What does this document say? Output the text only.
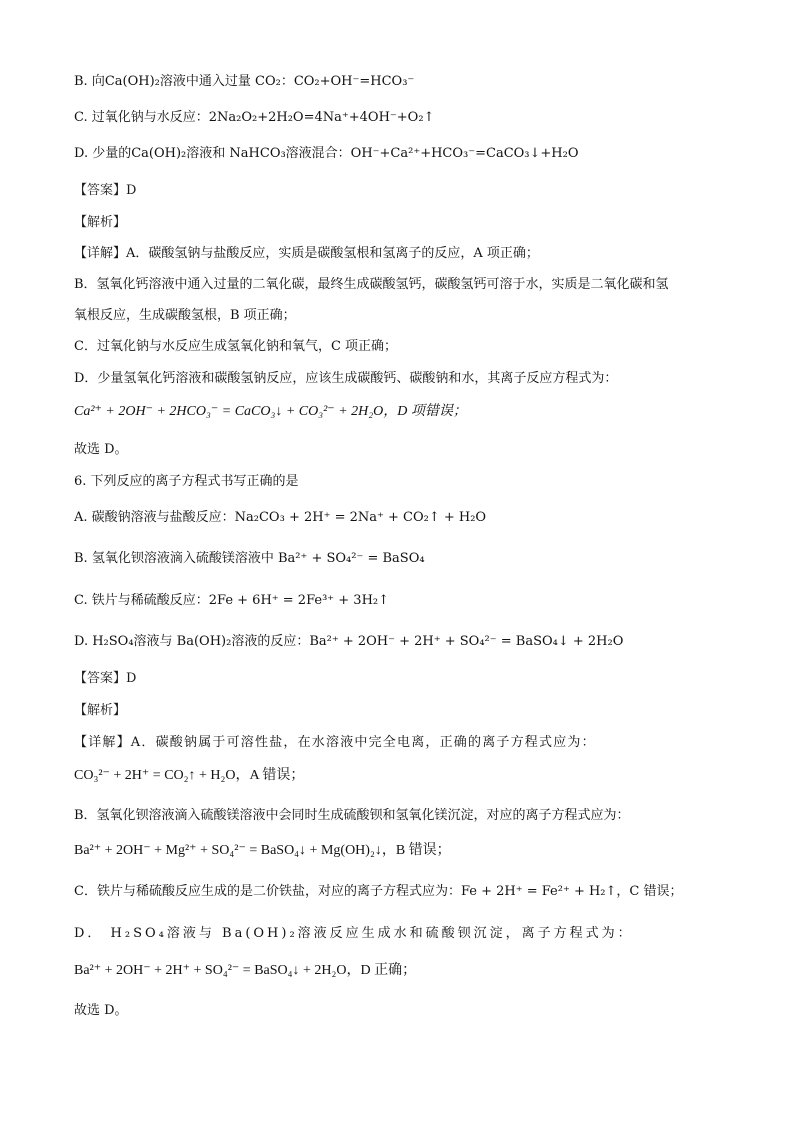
B. 向Ca(OH)₂溶液中通入过量 CO₂：CO₂+OH⁻=HCO₃⁻
C. 过氧化钠与水反应：2Na₂O₂+2H₂O=4Na⁺+4OH⁻+O₂↑
D. 少量的Ca(OH)₂溶液和 NaHCO₃溶液混合：OH⁻+Ca²⁺+HCO₃⁻=CaCO₃↓+H₂O
【答案】D
【解析】
【详解】A．碳酸氢钠与盐酸反应，实质是碳酸氢根和氢离子的反应，A 项正确；
B．氢氧化钙溶液中通入过量的二氧化碳，最终生成碳酸氢钙，碳酸氢钙可溶于水，实质是二氧化碳和氢
氧根反应，生成碳酸氢根，B 项正确；
C．过氧化钠与水反应生成氢氧化钠和氧气，C 项正确；
D．少量氢氧化钙溶液和碳酸氢钠反应，应该生成碳酸钙、碳酸钠和水，其离子反应方程式为：
Ca²⁺ + 2OH⁻ + 2HCO₃⁻ = CaCO₃↓ + CO₃²⁻ + 2H₂O，D 项错误；
故选 D。
6. 下列反应的离子方程式书写正确的是
A. 碳酸钠溶液与盐酸反应：Na₂CO₃ + 2H⁺ = 2Na⁺ + CO₂↑ + H₂O
B. 氢氧化钡溶液滴入硫酸镁溶液中 Ba²⁺ + SO₄²⁻ = BaSO₄
C. 铁片与稀硫酸反应：2Fe + 6H⁺ = 2Fe³⁺ + 3H₂↑
D. H₂SO₄溶液与 Ba(OH)₂溶液的反应：Ba²⁺ + 2OH⁻ + 2H⁺ + SO₄²⁻ = BaSO₄↓ + 2H₂O
【答案】D
【解析】
【详解】A．碳酸钠属于可溶性盐，在水溶液中完全电离，正确的离子方程式应为：
CO₃²⁻ + 2H⁺ = CO₂↑ + H₂O，A 错误；
B．氢氧化钡溶液滴入硫酸镁溶液中会同时生成硫酸钡和氢氧化镁沉淀，对应的离子方程式应为：
Ba²⁺ + 2OH⁻ + Mg²⁺ + SO₄²⁻ = BaSO₄↓ + Mg(OH)₂↓，B 错误；
C．铁片与稀硫酸反应生成的是二价铁盐，对应的离子方程式应为：Fe + 2H⁺ = Fe²⁺ + H₂↑，C 错误；
D． H₂SO₄溶液与 Ba(OH)₂溶液反应生成水和硫酸钡沉淀，离子方程式为：
Ba²⁺ + 2OH⁻ + 2H⁺ + SO₄²⁻ = BaSO₄↓ + 2H₂O，D 正确；
故选 D。
